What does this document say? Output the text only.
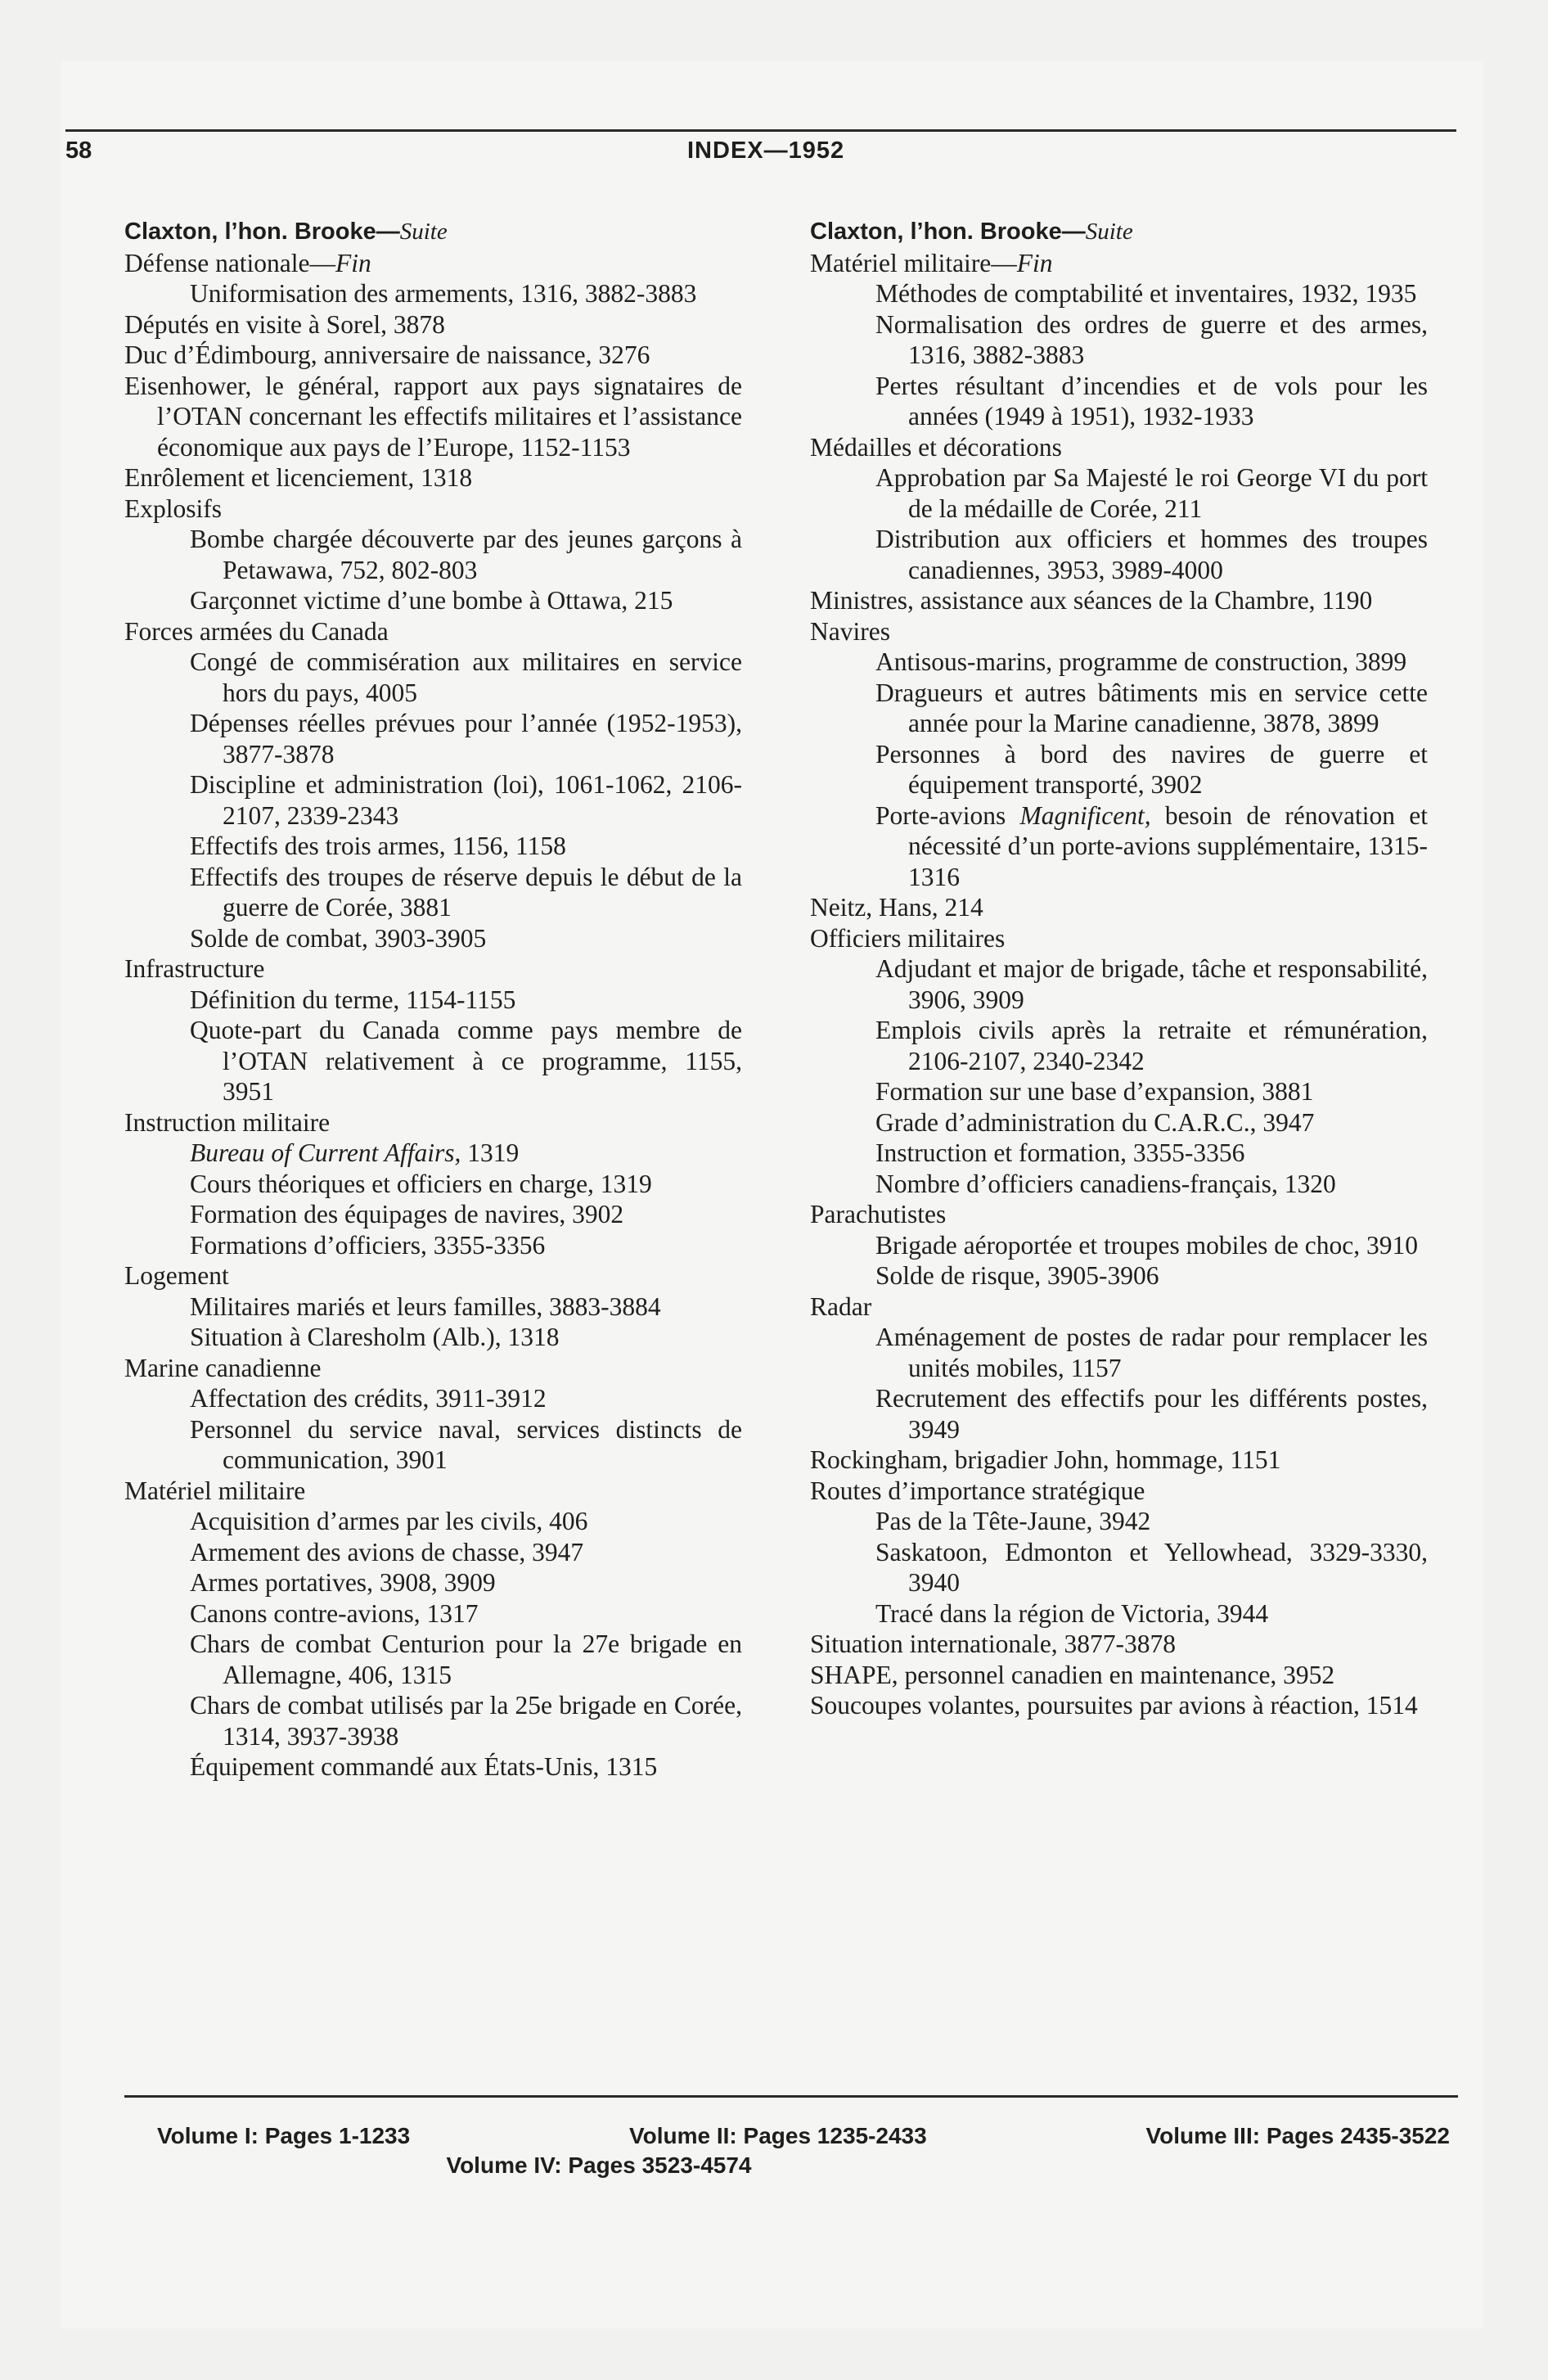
58	INDEX—1952
Claxton, l’hon. Brooke—Suite
Défense nationale—Fin
Uniformisation des armements, 1316, 3882-3883
Députés en visite à Sorel, 3878
Duc d’Édimbourg, anniversaire de naissance, 3276
Eisenhower, le général, rapport aux pays signataires de l’OTAN concernant les effectifs militaires et l’assistance économique aux pays de l’Europe, 1152-1153
Enrôlement et licenciement, 1318
Explosifs
Bombe chargée découverte par des jeunes garçons à Petawawa, 752, 802-803
Garçonnet victime d’une bombe à Ottawa, 215
Forces armées du Canada
Congé de commisération aux militaires en service hors du pays, 4005
Dépenses réelles prévues pour l’année (1952-1953), 3877-3878
Discipline et administration (loi), 1061-1062, 2106-2107, 2339-2343
Effectifs des trois armes, 1156, 1158
Effectifs des troupes de réserve depuis le début de la guerre de Corée, 3881
Solde de combat, 3903-3905
Infrastructure
Définition du terme, 1154-1155
Quote-part du Canada comme pays membre de l’OTAN relativement à ce programme, 1155, 3951
Instruction militaire
Bureau of Current Affairs, 1319
Cours théoriques et officiers en charge, 1319
Formation des équipages de navires, 3902
Formations d’officiers, 3355-3356
Logement
Militaires mariés et leurs familles, 3883-3884
Situation à Claresholm (Alb.), 1318
Marine canadienne
Affectation des crédits, 3911-3912
Personnel du service naval, services distincts de communication, 3901
Matériel militaire
Acquisition d’armes par les civils, 406
Armement des avions de chasse, 3947
Armes portatives, 3908, 3909
Canons contre-avions, 1317
Chars de combat Centurion pour la 27e brigade en Allemagne, 406, 1315
Chars de combat utilisés par la 25e brigade en Corée, 1314, 3937-3938
Équipement commandé aux États-Unis, 1315
Claxton, l’hon. Brooke—Suite
Matériel militaire—Fin
Méthodes de comptabilité et inventaires, 1932, 1935
Normalisation des ordres de guerre et des armes, 1316, 3882-3883
Pertes résultant d’incendies et de vols pour les années (1949 à 1951), 1932-1933
Médailles et décorations
Approbation par Sa Majesté le roi George VI du port de la médaille de Corée, 211
Distribution aux officiers et hommes des troupes canadiennes, 3953, 3989-4000
Ministres, assistance aux séances de la Chambre, 1190
Navires
Antisous-marins, programme de construction, 3899
Dragueurs et autres bâtiments mis en service cette année pour la Marine canadienne, 3878, 3899
Personnes à bord des navires de guerre et équipement transporté, 3902
Porte-avions Magnificent, besoin de rénovation et nécessité d’un porte-avions supplémentaire, 1315-1316
Neitz, Hans, 214
Officiers militaires
Adjudant et major de brigade, tâche et responsabilité, 3906, 3909
Emplois civils après la retraite et rémunération, 2106-2107, 2340-2342
Formation sur une base d’expansion, 3881
Grade d’administration du C.A.R.C., 3947
Instruction et formation, 3355-3356
Nombre d’officiers canadiens-français, 1320
Parachutistes
Brigade aéroportée et troupes mobiles de choc, 3910
Solde de risque, 3905-3906
Radar
Aménagement de postes de radar pour remplacer les unités mobiles, 1157
Recrutement des effectifs pour les différents postes, 3949
Rockingham, brigadier John, hommage, 1151
Routes d’importance stratégique
Pas de la Tête-Jaune, 3942
Saskatoon, Edmonton et Yellowhead, 3329-3330, 3940
Tracé dans la région de Victoria, 3944
Situation internationale, 3877-3878
SHAPE, personnel canadien en maintenance, 3952
Soucoupes volantes, poursuites par avions à réaction, 1514
Volume I: Pages 1-1233	Volume II: Pages 1235-2433	Volume III: Pages 2435-3522
Volume IV: Pages 3523-4574
